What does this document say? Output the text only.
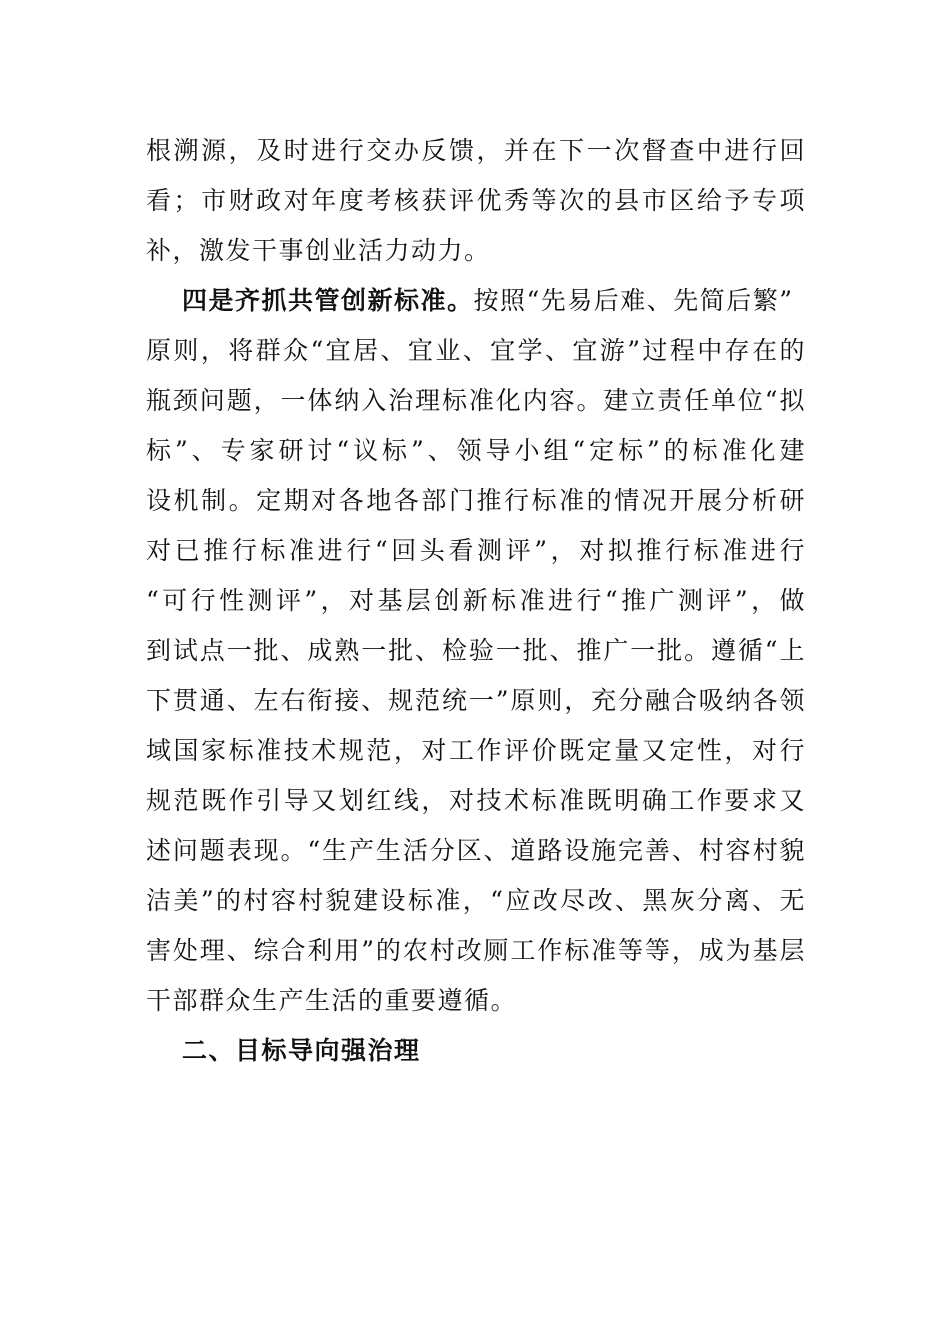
根溯源，及时进行交办反馈，并在下一次督查中进行回
看；市财政对年度考核获评优秀等次的县市区给予专项
补，激发干事创业活力动力。
四是齐抓共管创新标准。按照“先易后难、先简后繁”
原则，将群众“宜居、宜业、宜学、宜游”过程中存在的
瓶颈问题，一体纳入治理标准化内容。建立责任单位“拟
标”、专家研讨“议标”、领导小组“定标”的标准化建
设机制。定期对各地各部门推行标准的情况开展分析研
对已推行标准进行“回头看测评”，对拟推行标准进行
“可行性测评”，对基层创新标准进行“推广测评”，做
到试点一批、成熟一批、检验一批、推广一批。遵循“上
下贯通、左右衔接、规范统一”原则，充分融合吸纳各领
域国家标准技术规范，对工作评价既定量又定性，对行
规范既作引导又划红线，对技术标准既明确工作要求又
述问题表现。“生产生活分区、道路设施完善、村容村貌
洁美”的村容村貌建设标准，“应改尽改、黑灰分离、无
害处理、综合利用”的农村改厕工作标准等等，成为基层
干部群众生产生活的重要遵循。
二、目标导向强治理
